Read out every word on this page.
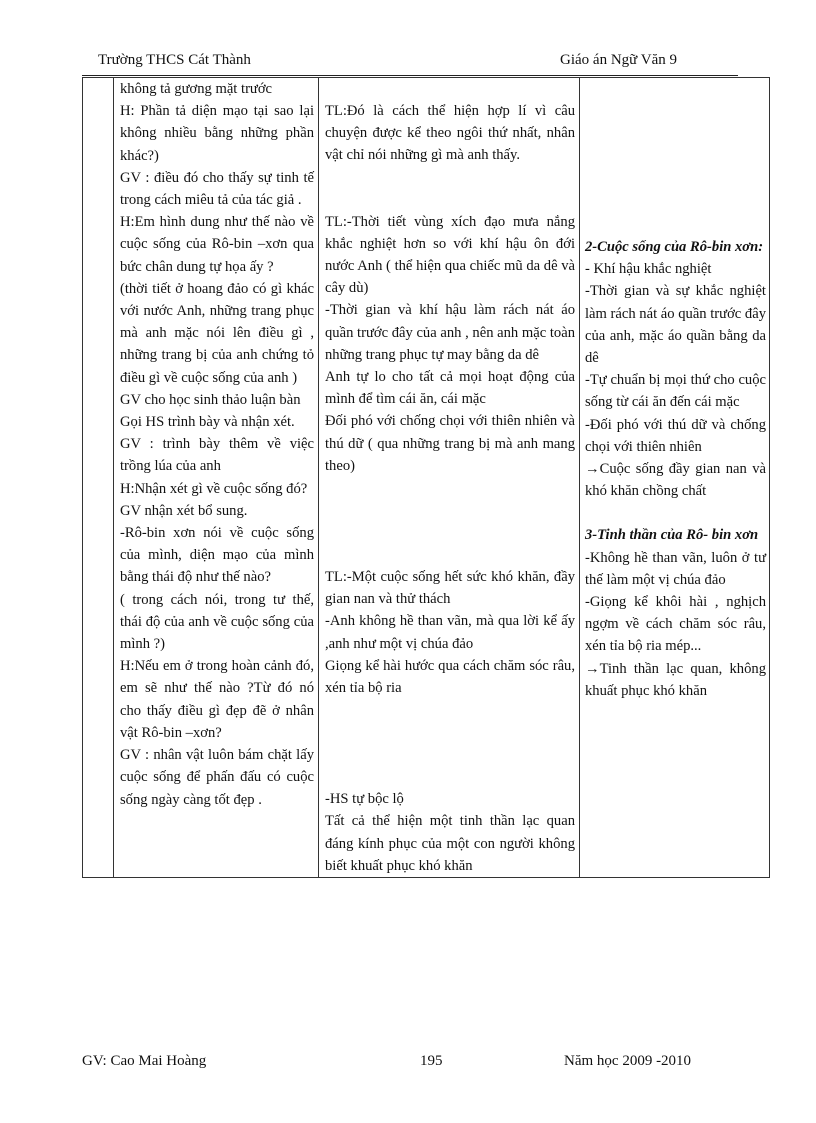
Trường THCS Cát Thành	Giáo án Ngữ Văn 9

không tả gương mặt trước
H: Phần tả diện mạo tại sao lại không nhiều bằng những phần khác?)
GV : điều đó cho thấy sự tinh tế trong cách miêu tả của tác giả .
H:Em hình dung như thế nào về cuộc sống của Rô-bin –xơn qua bức chân dung tự họa ấy ?
(thời tiết ở hoang đảo có gì khác với nước Anh, những trang phục mà anh mặc nói lên điều gì , những trang bị của anh chứng tỏ điều gì về cuộc sống của anh )
GV cho học sinh thảo luận bàn
Gọi HS trình bày và nhận xét.
GV : trình bày thêm về việc trồng lúa của anh
H:Nhận xét gì về cuộc sống đó?
GV nhận xét bổ sung.
-Rô-bin xơn nói về cuộc sống của mình, diện mạo của mình bằng thái độ như thế nào?
( trong cách nói, trong tư thế, thái độ của anh về cuộc sống của mình ?)
H:Nếu em ở trong hoàn cảnh đó, em sẽ như thế nào ?Từ đó nó cho thấy điều gì đẹp đẽ ở nhân vật Rô-bin –xơn?
GV : nhân vật luôn bám chặt lấy cuộc sống để phấn đấu có cuộc sống ngày càng tốt đẹp .

TL:Đó là cách thể hiện hợp lí vì câu chuyện được kể theo ngôi thứ nhất, nhân vật chỉ nói những gì mà anh thấy.
TL:-Thời tiết vùng xích đạo mưa nắng khắc nghiệt hơn so với khí hậu ôn đới nước Anh ( thể hiện qua chiếc mũ da dê và cây dù)
-Thời gian và khí hậu làm rách nát áo quần trước đây của anh , nên anh mặc toàn những trang phục tự may bằng da dê
Anh tự lo cho tất cả mọi hoạt động của mình để tìm cái ăn, cái mặc
Đối phó với chống chọi với thiên nhiên và thú dữ ( qua những trang bị mà anh mang theo)
TL:-Một cuộc sống hết sức khó khăn, đầy gian nan và thử thách
-Anh không hề than vãn, mà qua lời kể ấy ,anh như một vị chúa đảo
Giọng kể hài hước qua cách chăm sóc râu, xén tỉa bộ ria
-HS tự bộc lộ
Tất cả thể hiện một tinh thần lạc quan đáng kính phục của một con người không biết khuất phục khó khăn

2-Cuộc sống của Rô-bin xơn:
- Khí hậu khắc nghiệt
-Thời gian và sự khắc nghiệt làm rách nát áo quần trước đây của anh, mặc áo quần bằng da dê
-Tự chuẩn bị mọi thứ cho cuộc sống từ cái ăn đến cái mặc
-Đối phó với thú dữ và chống chọi với thiên nhiên
→Cuộc sống đầy gian nan và khó khăn chồng chất
3-Tinh thần của Rô- bin xơn
-Không hề than vãn, luôn ở tư thế làm một vị chúa đảo
-Giọng kể khôi hài , nghịch ngợm về cách chăm sóc râu, xén tỉa bộ ria mép...
→Tinh thần lạc quan, không khuất phục khó khăn
GV: Cao Mai Hoàng	195	Năm học 2009 -2010
